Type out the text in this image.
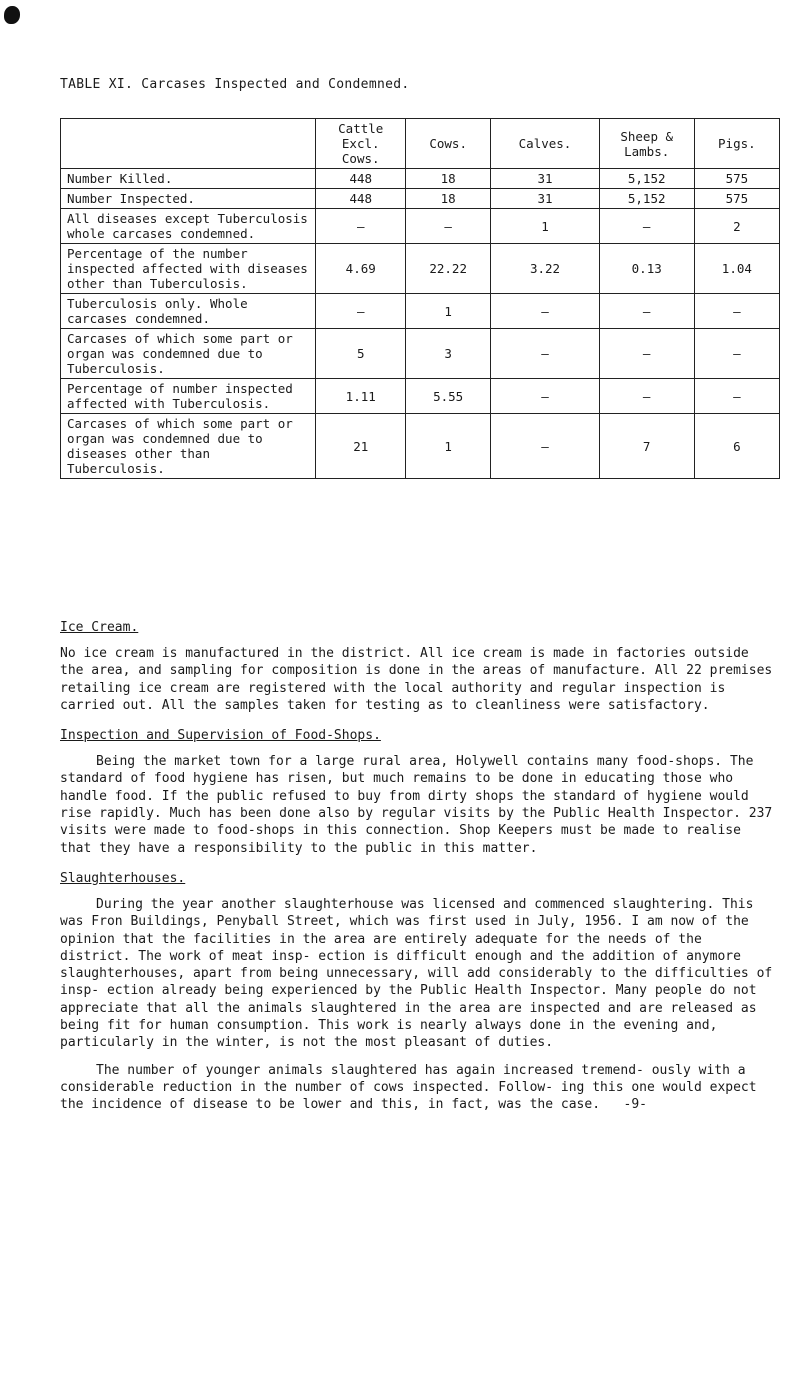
TABLE XI. Carcases Inspected and Condemned.
	Cattle Excl. Cows.	Cows.	Calves.	Sheep & Lambs.	Pigs.
Number Killed.	448	18	31	5,152	575
Number Inspected.	448	18	31	5,152	575
All diseases except Tuberculosis whole carcases condemned.	–	–	1	–	2
Percentage of the number inspected affected with diseases other than Tuberculosis.	4.69	22.22	3.22	0.13	1.04
Tuberculosis only. Whole carcases condemned.	–	1	–	–	–
Carcases of which some part or organ was condemned due to Tuberculosis.	5	3	–	–	–
Percentage of number inspected affected with Tuberculosis.	1.11	5.55	–	–	–
Carcases of which some part or organ was condemned due to diseases other than Tuberculosis.	21	1	–	7	6
Ice Cream.

No ice cream is manufactured in the district. All ice cream is made in factories outside the area, and sampling for composition is done in the areas of manufacture. All 22 premises retailing ice cream are registered with the local authority and regular inspection is carried out. All the samples taken for testing as to cleanliness were satisfactory.

Inspection and Supervision of Food-Shops.

Being the market town for a large rural area, Holywell contains many food-shops. The standard of food hygiene has risen, but much remains to be done in educating those who handle food. If the public refused to buy from dirty shops the standard of hygiene would rise rapidly. Much has been done also by regular visits by the Public Health Inspector. 237 visits were made to food-shops in this connection. Shop Keepers must be made to realise that they have a responsibility to the public in this matter.

Slaughterhouses.

During the year another slaughterhouse was licensed and commenced slaughtering. This was Fron Buildings, Penyball Street, which was first used in July, 1956. I am now of the opinion that the facilities in the area are entirely adequate for the needs of the district. The work of meat insp- ection is difficult enough and the addition of anymore slaughterhouses, apart from being unnecessary, will add considerably to the difficulties of insp- ection already being experienced by the Public Health Inspector. Many people do not appreciate that all the animals slaughtered in the area are inspected and are released as being fit for human consumption. This work is nearly always done in the evening and, particularly in the winter, is not the most pleasant of duties.

The number of younger animals slaughtered has again increased tremend- ously with a considerable reduction in the number of cows inspected. Follow- ing this one would expect the incidence of disease to be lower and this, in fact, was the case. -9-
